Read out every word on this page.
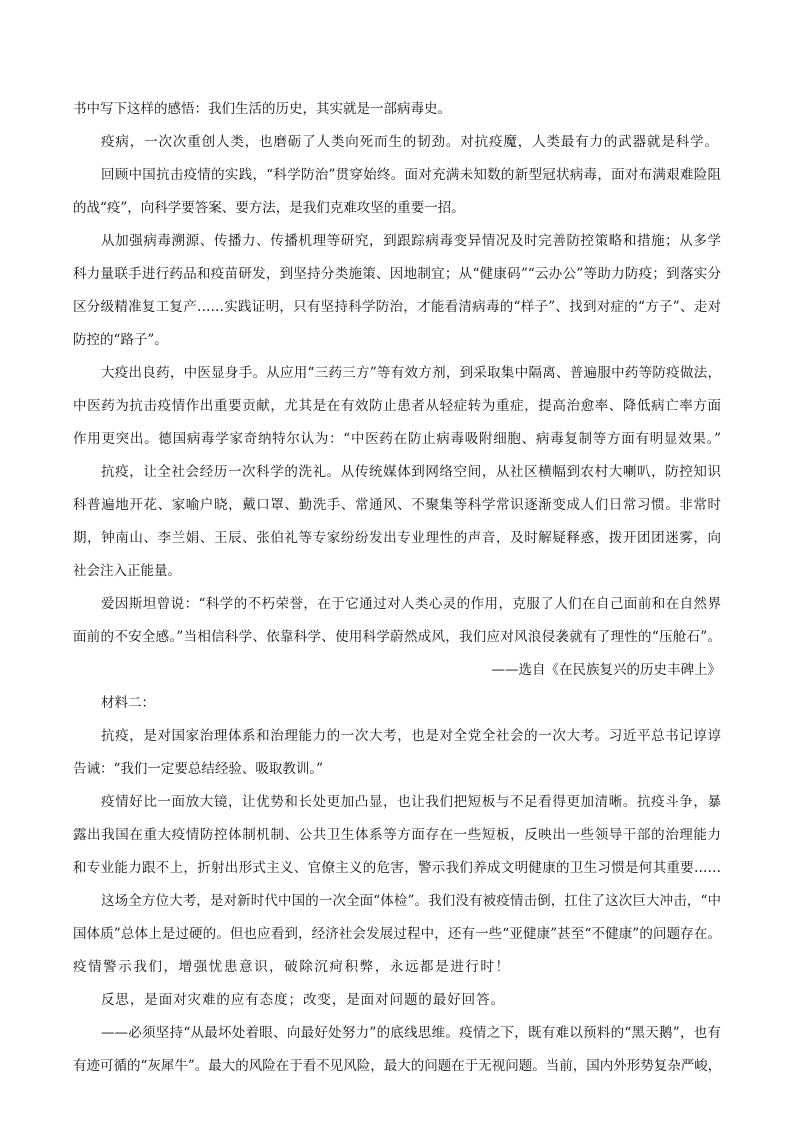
书中写下这样的感悟：我们生活的历史，其实就是一部病毒史。
疫病，一次次重创人类，也磨砺了人类向死而生的韧劲。对抗疫魔，人类最有力的武器就是科学。
回顾中国抗击疫情的实践，“科学防治”贯穿始终。面对充满未知数的新型冠状病毒，面对布满艰难险阻
的战“疫”，向科学要答案、要方法，是我们克难攻坚的重要一招。
从加强病毒溯源、传播力、传播机理等研究，到跟踪病毒变异情况及时完善防控策略和措施；从多学
科力量联手进行药品和疫苗研发，到坚持分类施策、因地制宜；从“健康码”“云办公”等助力防疫；到落实分
区分级精准复工复产……实践证明，只有坚持科学防治，才能看清病毒的“样子”、找到对症的“方子”、走对
防控的“路子”。
大疫出良药，中医显身手。从应用“三药三方”等有效方剂，到采取集中隔离、普遍服中药等防疫做法，
中医药为抗击疫情作出重要贡献，尤其是在有效防止患者从轻症转为重症，提高治愈率、降低病亡率方面
作用更突出。德国病毒学家奇纳特尔认为：“中医药在防止病毒吸附细胞、病毒复制等方面有明显效果。”
抗疫，让全社会经历一次科学的洗礼。从传统媒体到网络空间，从社区横幅到农村大喇叭，防控知识
科普遍地开花、家喻户晓，戴口罩、勤洗手、常通风、不聚集等科学常识逐渐变成人们日常习惯。非常时
期，钟南山、李兰娟、王辰、张伯礼等专家纷纷发出专业理性的声音，及时解疑释惑，拨开团团迷雾，向
社会注入正能量。
爱因斯坦曾说：“科学的不朽荣誉，在于它通过对人类心灵的作用，克服了人们在自己面前和在自然界
面前的不安全感。”当相信科学、依靠科学、使用科学蔚然成风，我们应对风浪侵袭就有了理性的“压舱石”。
——选自《在民族复兴的历史丰碑上》
材料二：
抗疫，是对国家治理体系和治理能力的一次大考，也是对全党全社会的一次大考。习近平总书记谆谆
告诫：“我们一定要总结经验、吸取教训。”
疫情好比一面放大镜，让优势和长处更加凸显，也让我们把短板与不足看得更加清晰。抗疫斗争，暴
露出我国在重大疫情防控体制机制、公共卫生体系等方面存在一些短板，反映出一些领导干部的治理能力
和专业能力跟不上，折射出形式主义、官僚主义的危害，警示我们养成文明健康的卫生习惯是何其重要……
这场全方位大考，是对新时代中国的一次全面“体检”。我们没有被疫情击倒，扛住了这次巨大冲击，“中
国体质”总体上是过硬的。但也应看到，经济社会发展过程中，还有一些“亚健康”甚至“不健康”的问题存在。
疫情警示我们，增强忧患意识，破除沉疴积弊，永远都是进行时！
反思，是面对灾难的应有态度；改变，是面对问题的最好回答。
——必须坚持“从最坏处着眼、向最好处努力”的底线思维。疫情之下，既有难以预料的“黑天鹅”，也有
有迹可循的“灰犀牛”。最大的风险在于看不见风险，最大的问题在于无视问题。当前，国内外形势复杂严峻，
